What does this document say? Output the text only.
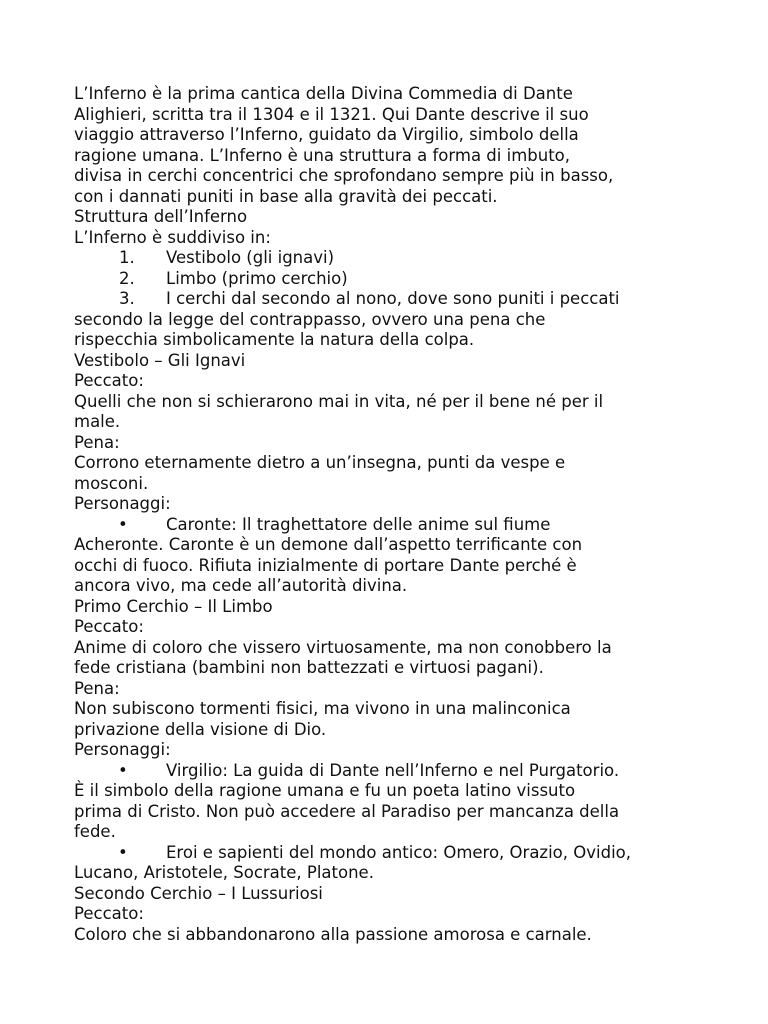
L’Inferno è la prima cantica della Divina Commedia di Dante
Alighieri, scritta tra il 1304 e il 1321. Qui Dante descrive il suo
viaggio attraverso l’Inferno, guidato da Virgilio, simbolo della
ragione umana. L’Inferno è una struttura a forma di imbuto,
divisa in cerchi concentrici che sprofondano sempre più in basso,
con i dannati puniti in base alla gravità dei peccati.

Struttura dell’Inferno

L’Inferno è suddiviso in:

1. Vestibolo (gli ignavi)
2. Limbo (primo cerchio)
3. I cerchi dal secondo al nono, dove sono puniti i peccati
secondo la legge del contrappasso, ovvero una pena che
rispecchia simbolicamente la natura della colpa.

Vestibolo – Gli Ignavi

Peccato:

Quelli che non si schierarono mai in vita, né per il bene né per il
male.

Pena:

Corrono eternamente dietro a un’insegna, punti da vespe e
mosconi.

Personaggi:

• Caronte: Il traghettatore delle anime sul fiume
Acheronte. Caronte è un demone dall’aspetto terrificante con
occhi di fuoco. Rifiuta inizialmente di portare Dante perché è
ancora vivo, ma cede all’autorità divina.

Primo Cerchio – Il Limbo

Peccato:

Anime di coloro che vissero virtuosamente, ma non conobbero la
fede cristiana (bambini non battezzati e virtuosi pagani).

Pena:

Non subiscono tormenti fisici, ma vivono in una malinconica
privazione della visione di Dio.

Personaggi:

• Virgilio: La guida di Dante nell’Inferno e nel Purgatorio.
È il simbolo della ragione umana e fu un poeta latino vissuto
prima di Cristo. Non può accedere al Paradiso per mancanza della
fede.
• Eroi e sapienti del mondo antico: Omero, Orazio, Ovidio,
Lucano, Aristotele, Socrate, Platone.

Secondo Cerchio – I Lussuriosi

Peccato:

Coloro che si abbandonarono alla passione amorosa e carnale.
